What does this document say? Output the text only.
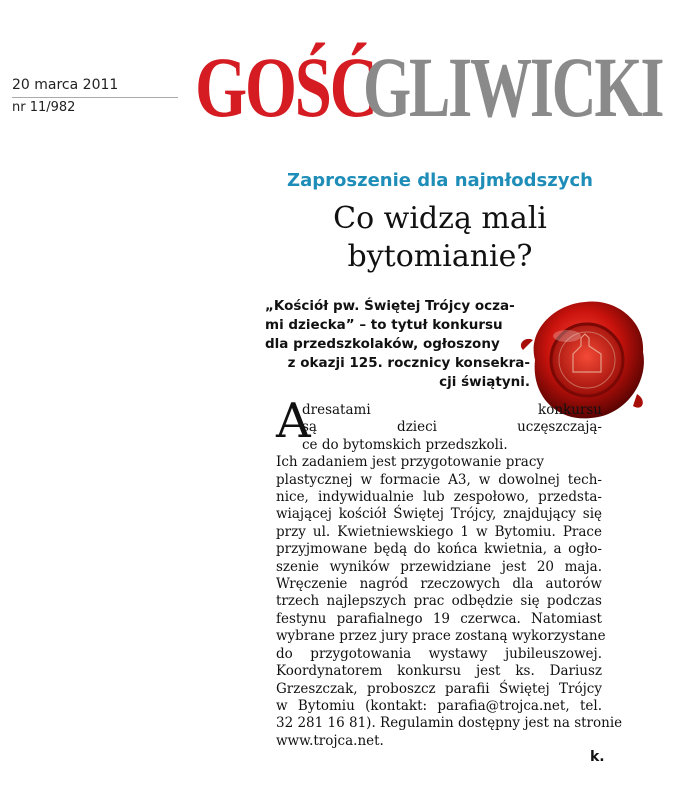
20 marca 2011
nr 11/982 GOŚĆ
GLIWICKI
Zaproszenie dla najmłodszych
Co widzą mali
bytomianie?
„Kościół pw. Świętej Trójcy ocza-
mi dziecka” – to tytuł konkursu
dla przedszkolaków, ogłoszony
z okazji 125. rocznicy konsekra-
cji świątyni.
A
dresatami konkursu
są dzieci uczęszczają-
ce do bytomskich przedszkoli.
Ich zadaniem jest przygotowanie pracy
plastycznej w formacie A3, w dowolnej tech-
nice, indywidualnie lub zespołowo, przedsta-
wiającej kościół Świętej Trójcy, znajdujący się
przy ul. Kwietniewskiego 1 w Bytomiu. Prace
przyjmowane będą do końca kwietnia, a ogło-
szenie wyników przewidziane jest 20 maja.
Wręczenie nagród rzeczowych dla autorów
trzech najlepszych prac odbędzie się podczas
festynu parafialnego 19 czerwca. Natomiast
wybrane przez jury prace zostaną wykorzystane
do przygotowania wystawy jubileuszowej.
Koordynatorem konkursu jest ks. Dariusz
Grzeszczak, proboszcz parafii Świętej Trójcy
w Bytomiu (kontakt: parafia@trojca.net, tel.
32 281 16 81). Regulamin dostępny jest na stronie
www.trojca.net.
k.
